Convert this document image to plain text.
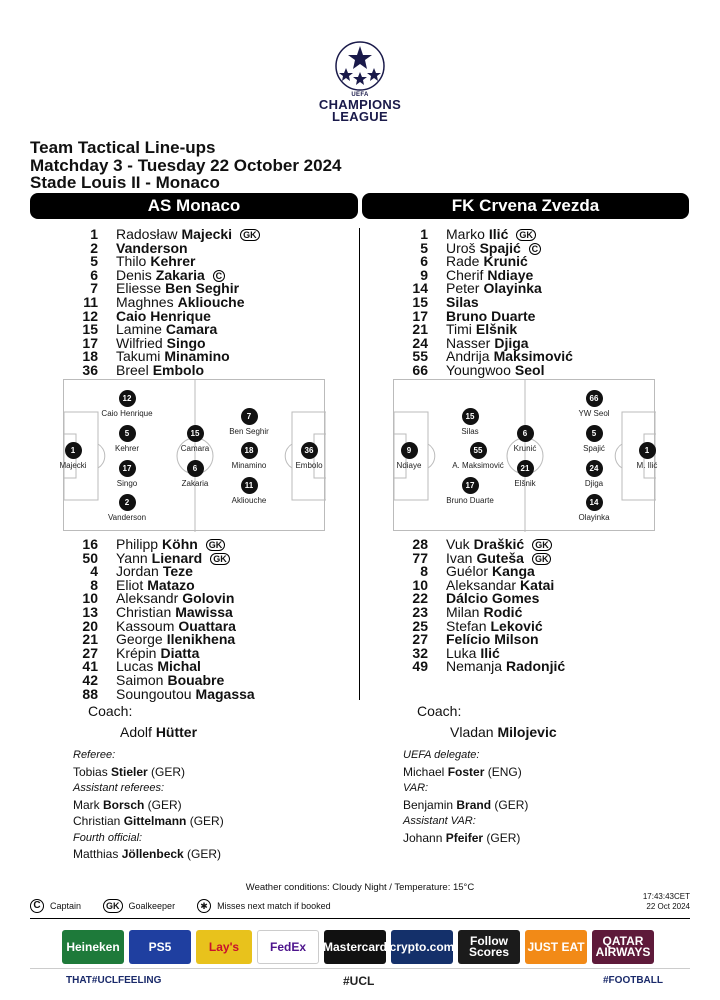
UEFA
CHAMPIONS
LEAGUE
Team Tactical Line-ups
Matchday 3 - Tuesday 22 October 2024
Stade Louis II - Monaco
AS Monaco	FK Crvena Zvezda
1 Radosław Majecki	GK
2 Vanderson
5 Thilo Kehrer
6 Denis Zakaria	C
7 Eliesse Ben Seghir
11 Maghnes Akliouche
12 Caio Henrique
15 Lamine Camara
17 Wilfried Singo
18 Takumi Minamino
36 Breel Embolo
1 Marko Ilić	GK
5 Uroš Spajić	C
6 Rade Krunić
9 Cherif Ndiaye
14 Peter Olayinka
15 Silas
17 Bruno Duarte
21 Timi Elšnik
24 Nasser Djiga
55 Andrija Maksimović
66 Youngwoo Seol
1
Majecki
12
Caio Henrique
5
Kehrer
17
Singo
2
Vanderson
15
Camara
6
Zakaria
7
Ben Seghir
18
Minamino
11
Akliouche
36
Embolo
9
Ndiaye
15
Silas
55
A. Maksimović
17
Bruno Duarte
6
Krunić
21
Elšnik
66
YW Seol
5
Spajić
24
Djiga
14
Olayinka
1
M. Ilić
16 Philipp Köhn	GK
50 Yann Lienard	GK
4 Jordan Teze
8 Eliot Matazo
10 Aleksandr Golovin
13 Christian Mawissa
20 Kassoum Ouattara
21 George Ilenikhena
27 Krépin Diatta
41 Lucas Michal
42 Saimon Bouabre
88 Soungoutou Magassa
28 Vuk Draškić	GK
77 Ivan Guteša	GK
8 Guélor Kanga
10 Aleksandar Katai
22 Dálcio Gomes
23 Milan Rodić
25 Stefan Leković
27 Felício Milson
32 Luka Ilić
49 Nemanja Radonjić
Coach:
Adolf Hütter
Coach:
Vladan Milojevic
Referee:
Tobias Stieler (GER)
Assistant referees:
Mark Borsch (GER)
Christian Gittelmann (GER)
Fourth official:
Matthias Jöllenbeck (GER)
UEFA delegate:
Michael Foster (ENG)
VAR:
Benjamin Brand (GER)
Assistant VAR:
Johann Pfeifer (GER)
Weather conditions: Cloudy Night / Temperature: 15°C
17:43:43CET
22 Oct 2024
C	Captain	GK	Goalkeeper	✱	Misses next match if booked
Heineken	PS5	Lay's	FedEx	Mastercard crypto.com	Follow Scores	JUST EAT	QATAR AIRWAYS
THAT#UCLFEELING	#UCL	#FOOTBALL
